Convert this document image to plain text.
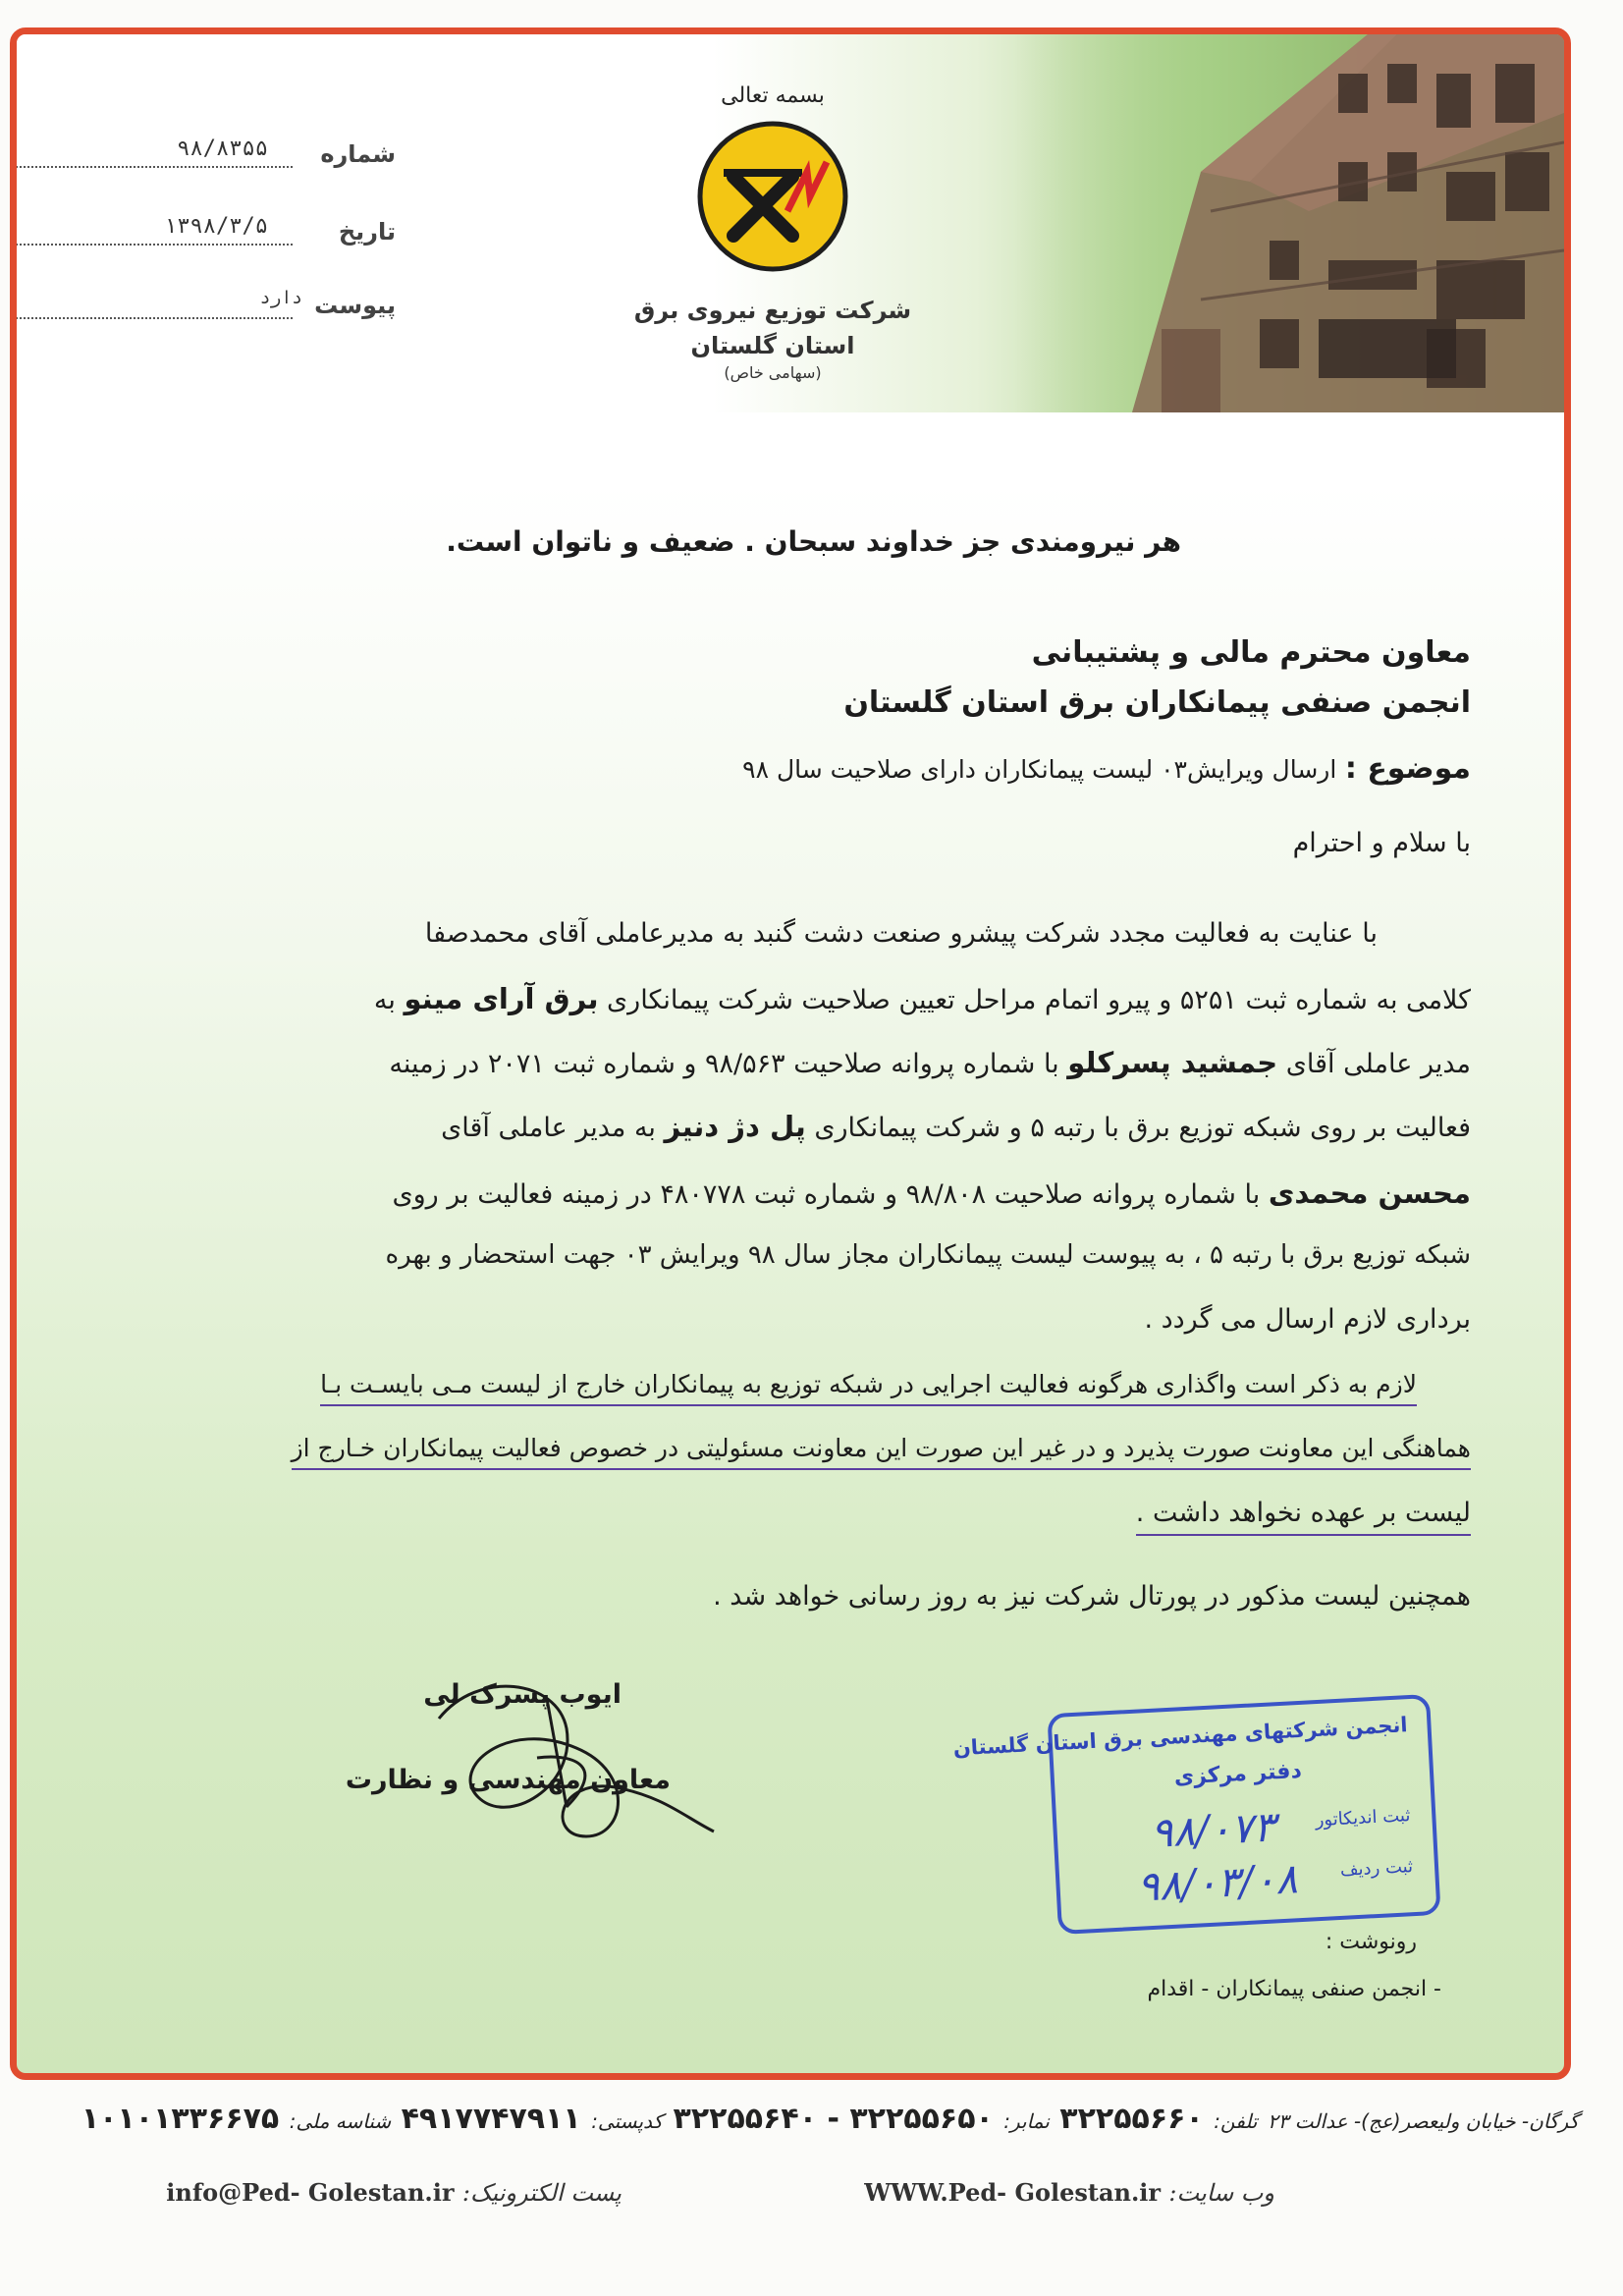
شماره
۹۸/۸۳۵۵
تاریخ
۱۳۹۸/۳/۵
پیوست
دارد
بسمه تعالی
شرکت توزیع نیروی برق
استان گلستان
(سهامی خاص)
هر نیرومندی جز خداوند سبحان . ضعیف و ناتوان است.
معاون محترم مالی و پشتیبانی
انجمن صنفی پیمانکاران برق استان گلستان
موضوع : ارسال ویرایش۰۳ لیست پیمانکاران دارای صلاحیت سال ۹۸
با سلام و احترام
با عنایت به فعالیت مجدد شرکت پیشرو صنعت دشت گنبد به مدیرعاملی آقای محمدصفا
کلامی به شماره ثبت ۵۲۵۱ و پیرو اتمام مراحل تعیین صلاحیت شرکت پیمانکاری برق آرای مینو به
مدیر عاملی آقای جمشید پسرکلو با شماره پروانه صلاحیت ۹۸/۵۶۳ و شماره ثبت ۲۰۷۱ در زمینه
فعالیت بر روی شبکه توزیع برق با رتبه ۵ و شرکت پیمانکاری پل دژ دنیز به مدیر عاملی آقای
محسن محمدی با شماره پروانه صلاحیت ۹۸/۸۰۸ و شماره ثبت ۴۸۰۷۷۸ در زمینه فعالیت بر روی
شبکه توزیع برق با رتبه ۵ ، به پیوست لیست پیمانکاران مجاز سال ۹۸ ویرایش ۰۳ جهت استحضار و بهره
برداری لازم ارسال می گردد .
لازم به ذکر است واگذاری هرگونه فعالیت اجرایی در شبکه توزیع به پیمانکاران خارج از لیست مـی بایسـت بـا
هماهنگی این معاونت صورت پذیرد و در غیر این صورت این معاونت مسئولیتی در خصوص فعالیت پیمانکاران خـارج از
لیست بر عهده نخواهد داشت .
همچنین لیست مذکور در پورتال شرکت نیز به روز رسانی خواهد شد .
ایوب پسرک لی
معاون مهندسی و نظارت
انجمن شرکتهای مهندسی برق استان گلستان
دفتر مرکزی
ثبت اندیکاتور
۹۸/۰۷۳
ثبت ردیف
۹۸/۰۳/۰۸
رونوشت :
- انجمن صنفی پیمانکاران - اقدام
گرگان- خیابان ولیعصر(عج)- عدالت ۲۳ تلفن: ۳۲۲۵۵۶۶۰ نمابر: ۳۲۲۵۵۶۵۰ - ۳۲۲۵۵۶۴۰ کدپستی: ۴۹۱۷۷۴۷۹۱۱ شناسه ملی: ۱۰۱۰۱۳۳۶۶۷۵
وب سایت: WWW.Ped- Golestan.ir
پست الکترونیک: info@Ped- Golestan.ir
